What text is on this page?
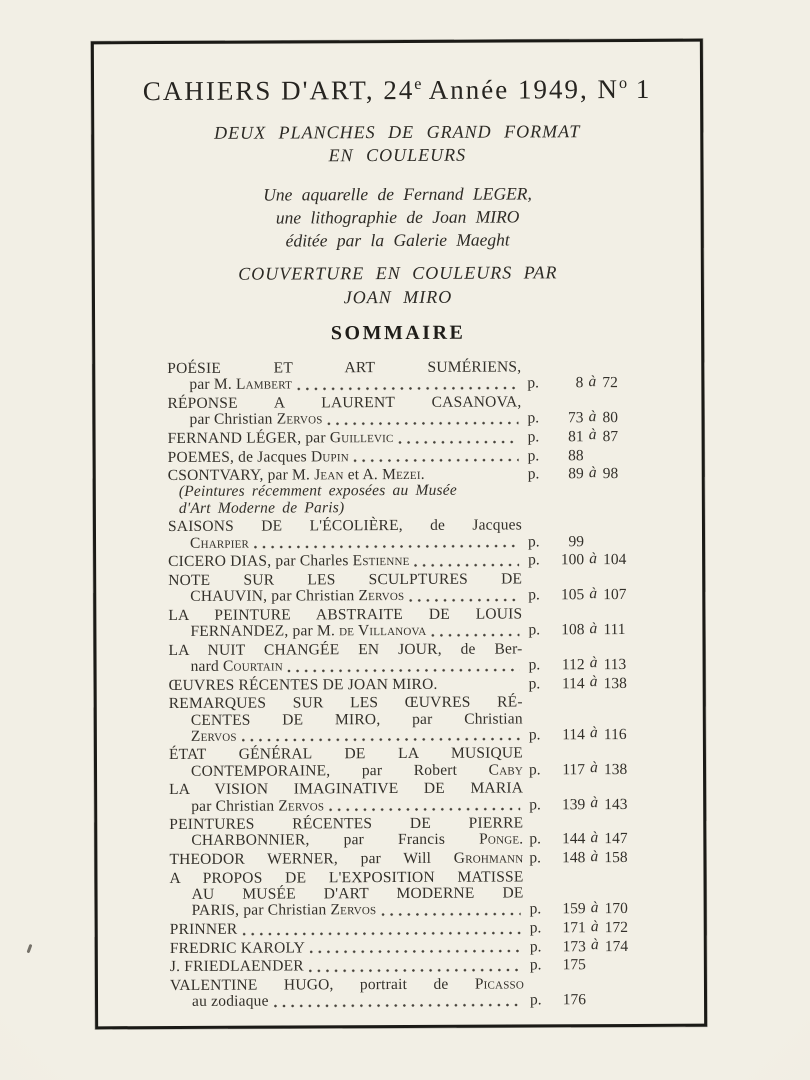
CAHIERS D'ART, 24e Année 1949, $N^o$ 1
DEUX PLANCHES DE GRAND FORMAT
EN COULEURS
Une aquarelle de Fernand LEGER,
une lithographie de Joan MIRO
éditée par la Galerie Maeght
COUVERTURE EN COULEURS PAR
JOAN MIRO
SOMMAIRE
POÉSIE ET ART SUMÉRIENS,
par M. Lambert	p.	8 à 72
RÉPONSE A LAURENT CASANOVA,
par Christian Zervos	p.	73 à 80
FERNAND LÉGER, par Guillevic	p.	81 à 87
POEMES, de Jacques Dupin	p.	88
CSONTVARY, par M. Jean et A. Mezei.	p.	89 à 98
(Peintures récemment exposées au Musée
d'Art Moderne de Paris)
SAISONS DE L'ÉCOLIÈRE, de Jacques
Charpier	p.	99
CICERO DIAS, par Charles Estienne	p.	100 à 104
NOTE SUR LES SCULPTURES DE
CHAUVIN, par Christian Zervos	p.	105 à 107
LA PEINTURE ABSTRAITE DE LOUIS
FERNANDEZ, par M. de Villanova	p.	108 à 111
LA NUIT CHANGÉE EN JOUR, de Ber-
nard Courtain	p.	112 à 113
ŒUVRES RÉCENTES DE JOAN MIRO.	p.	114 à 138
REMARQUES SUR LES ŒUVRES RÉ-
CENTES DE MIRO, par Christian
Zervos	p.	114 à 116
ÉTAT GÉNÉRAL DE LA MUSIQUE
CONTEMPORAINE, par Robert Caby p.	117 à 138
LA VISION IMAGINATIVE DE MARIA
par Christian Zervos	p.	139 à 143
PEINTURES RÉCENTES DE PIERRE
CHARBONNIER, par Francis Ponge. p.	144 à 147
THEODOR WERNER, par Will Grohmann p.	148 à 158
A PROPOS DE L'EXPOSITION MATISSE
AU MUSÉE D'ART MODERNE DE
PARIS, par Christian Zervos	p.	159 à 170
PRINNER	p.	171 à 172
FREDRIC KAROLY	p.	173 à 174
J. FRIEDLAENDER	p.	175
VALENTINE HUGO, portrait de Picasso
au zodiaque	p.	176
